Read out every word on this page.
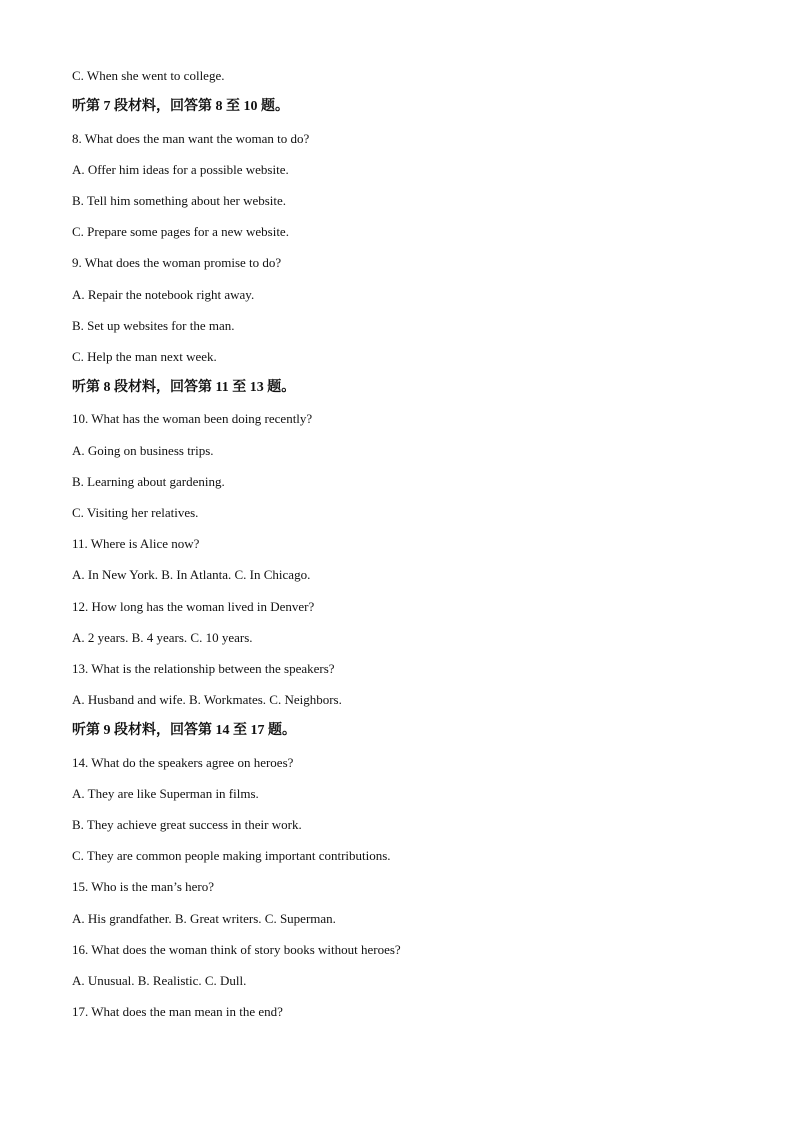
C. When she went to college.
听第 7 段材料，回答第 8 至 10 题。
8. What does the man want the woman to do?
A. Offer him ideas for a possible website.
B. Tell him something about her website.
C. Prepare some pages for a new website.
9. What does the woman promise to do?
A. Repair the notebook right away.
B. Set up websites for the man.
C. Help the man next week.
听第 8 段材料，回答第 11 至 13 题。
10. What has the woman been doing recently?
A. Going on business trips.
B. Learning about gardening.
C. Visiting her relatives.
11. Where is Alice now?
A. In New York. B. In Atlanta. C. In Chicago.
12. How long has the woman lived in Denver?
A. 2 years. B. 4 years. C. 10 years.
13. What is the relationship between the speakers?
A. Husband and wife. B. Workmates. C. Neighbors.
听第 9 段材料，回答第 14 至 17 题。
14. What do the speakers agree on heroes?
A. They are like Superman in films.
B. They achieve great success in their work.
C. They are common people making important contributions.
15. Who is the man’s hero?
A. His grandfather. B. Great writers. C. Superman.
16. What does the woman think of story books without heroes?
A. Unusual. B. Realistic. C. Dull.
17. What does the man mean in the end?
